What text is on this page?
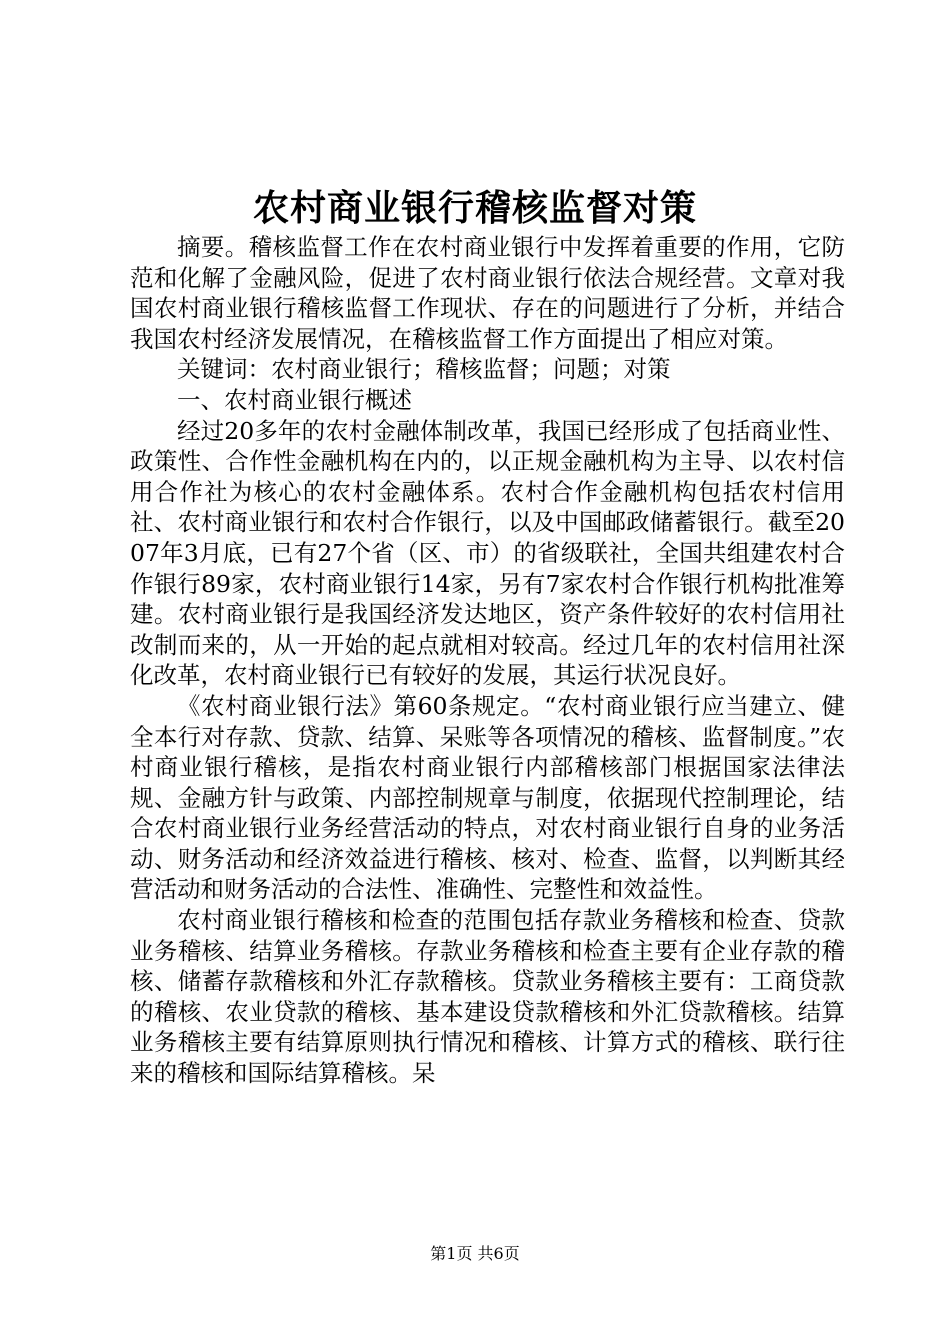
农村商业银行稽核监督对策

摘要。稽核监督工作在农村商业银行中发挥着重要的作用，它防范和化解了金融风险，促进了农村商业银行依法合规经营。文章对我国农村商业银行稽核监督工作现状、存在的问题进行了分析，并结合我国农村经济发展情况，在稽核监督工作方面提出了相应对策。

关键词：农村商业银行；稽核监督；问题；对策

一、农村商业银行概述

经过20多年的农村金融体制改革，我国已经形成了包括商业性、政策性、合作性金融机构在内的，以正规金融机构为主导、以农村信用合作社为核心的农村金融体系。农村合作金融机构包括农村信用社、农村商业银行和农村合作银行，以及中国邮政储蓄银行。截至2007年3月底，已有27个省（区、市）的省级联社，全国共组建农村合作银行89家，农村商业银行14家，另有7家农村合作银行机构批准筹建。农村商业银行是我国经济发达地区，资产条件较好的农村信用社改制而来的，从一开始的起点就相对较高。经过几年的农村信用社深化改革，农村商业银行已有较好的发展，其运行状况良好。

《农村商业银行法》第60条规定。“农村商业银行应当建立、健全本行对存款、贷款、结算、呆账等各项情况的稽核、监督制度。”农村商业银行稽核，是指农村商业银行内部稽核部门根据国家法律法规、金融方针与政策、内部控制规章与制度，依据现代控制理论，结合农村商业银行业务经营活动的特点，对农村商业银行自身的业务活动、财务活动和经济效益进行稽核、核对、检查、监督，以判断其经营活动和财务活动的合法性、准确性、完整性和效益性。

农村商业银行稽核和检查的范围包括存款业务稽核和检查、贷款业务稽核、结算业务稽核。存款业务稽核和检查主要有企业存款的稽核、储蓄存款稽核和外汇存款稽核。贷款业务稽核主要有：工商贷款的稽核、农业贷款的稽核、基本建设贷款稽核和外汇贷款稽核。结算业务稽核主要有结算原则执行情况和稽核、计算方式的稽核、联行往来的稽核和国际结算稽核。呆

第1页 共6页
